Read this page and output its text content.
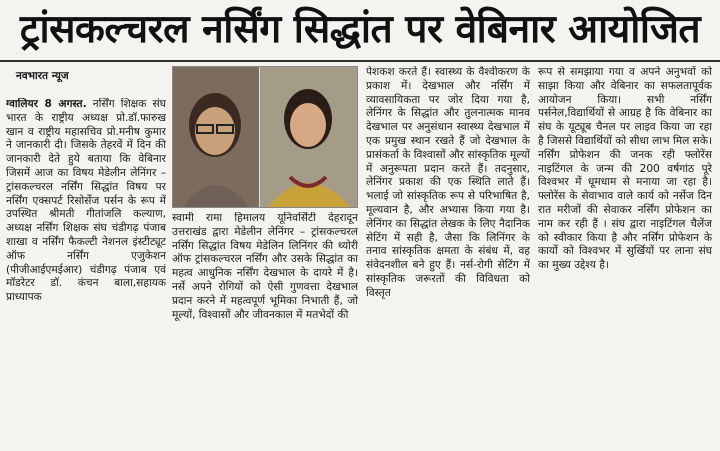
ट्रांसकल्चरल नर्सिंग सिद्धांत पर वेबिनार आयोजित
नवभारत न्यूज
ग्वालियर 8 अगस्त. नर्सिंग शिक्षक संघ भारत के राष्ट्रीय अध्यक्ष प्रो.डॉ.फारुख खान व राष्ट्रीय महासचिव प्रो.मनीष कुमार ने जानकारी दी। जिसके तेहरवें में दिन की जानकारी देते हुये बताया कि वेबिनार जिसमें आज का विषय मेडेलीन लेनिंगर –ट्रांसकल्चरल नर्सिंग सिद्धांत विषय पर नर्सिंग एक्सपर्ट रिसोर्सेज पर्सन के रूप में उपस्थित श्रीमती गीतांजलि कल्याण, अध्यक्ष नर्सिंग शिक्षक संघ चंडीगढ़ पंजाब शाखा व नर्सिंग फैकल्टी नेशनल इंस्टीट्यूट ऑफ नर्सिंग एजुकेशन (पीजीआईएमईआर) चंडीगढ़ पंजाब एवं मॉडरेटर डॉ. कंचन बाला,सहायक प्राध्यापक
स्वामी रामा हिमालय यूनिवर्सिटी देहरादून उत्तराखंड द्वारा मेडेलीन लेनिंगर – ट्रांसकल्चरल नर्सिंग सिद्धांत विषय मेडेलिन लिनिंगर की थ्योरी ऑफ ट्रांसकल्चरल नर्सिंग और उसके सिद्धांत का महत्व आधुनिक नर्सिंग देखभाल के दायरे में है। नर्से अपने रोगियों को ऐसी गुणवत्ता देखभाल प्रदान करने में महत्वपूर्ण भूमिका निभाती हैं, जो मूल्यों, विश्वासों और जीवनकाल में मतभेदों की
पेशकश करते हैं। स्वास्थ्य के वैश्वीकरण के प्रकाश में। देखभाल और नर्सिंग में व्यावसायिकता पर जोर दिया गया है, लेनिंगर के सिद्धांत और तुलनात्मक मानव देखभाल पर अनुसंधान स्वास्थ्य देखभाल में एक प्रमुख स्थान रखते हैं जो देखभाल के प्रासंकर्ता के विश्वासों और सांस्कृतिक मूल्यों में अनुरूपता प्रदान करते हैं। तदनुसार, लेनिंगर प्रकाश की एक स्थिति लाते हैं। भलाई जो सांस्कृतिक रूप से परिभाषित है, मूल्यवान है, और अभ्यास किया गया है। लेनिंगर का सिद्धांत लेखक के लिए नैदानिक सेटिंग में सही है, जैसा कि लिनिंगर के तनाव सांस्कृतिक क्षमता के संबंध में, वह संवेदनशील बने हुए हैं। नर्स-रोगी सेटिंग में सांस्कृतिक जरूरतों की विविधता को विस्तृत
रूप से समझाया गया व अपने अनुभवों को साझा किया और वेबिनार का सफलतापूर्वक आयोजन किया। सभी नर्सिंग पर्सनेल,विद्यार्थियों से आग्रह है कि वेबिनार का संघ के यूट्यूब चैनल पर लाइव किया जा रहा है जिससे विद्यार्थियों को सीधा लाभ मिल सके। नर्सिंग प्रोफेशन की जनक रही फ्लोरेंस नाइटिंगल के जन्म की 200 वर्षगांठ पूरे विश्वभर में धूमधाम से मनाया जा रहा है। फ्लोरेंस के सेवाभाव वाले कार्य को नर्सेज दिन रात मरीजों की सेवाकर नर्सिंग प्रोफेशन का नाम कर रही हैं । संघ द्वारा नाइटिंगल चैलेंज को स्वीकार किया है और नर्सिंग प्रोफेशन के कार्यो को विश्वभर में सुर्खियों पर लाना संघ का मुख्य उद्देश्य है।
